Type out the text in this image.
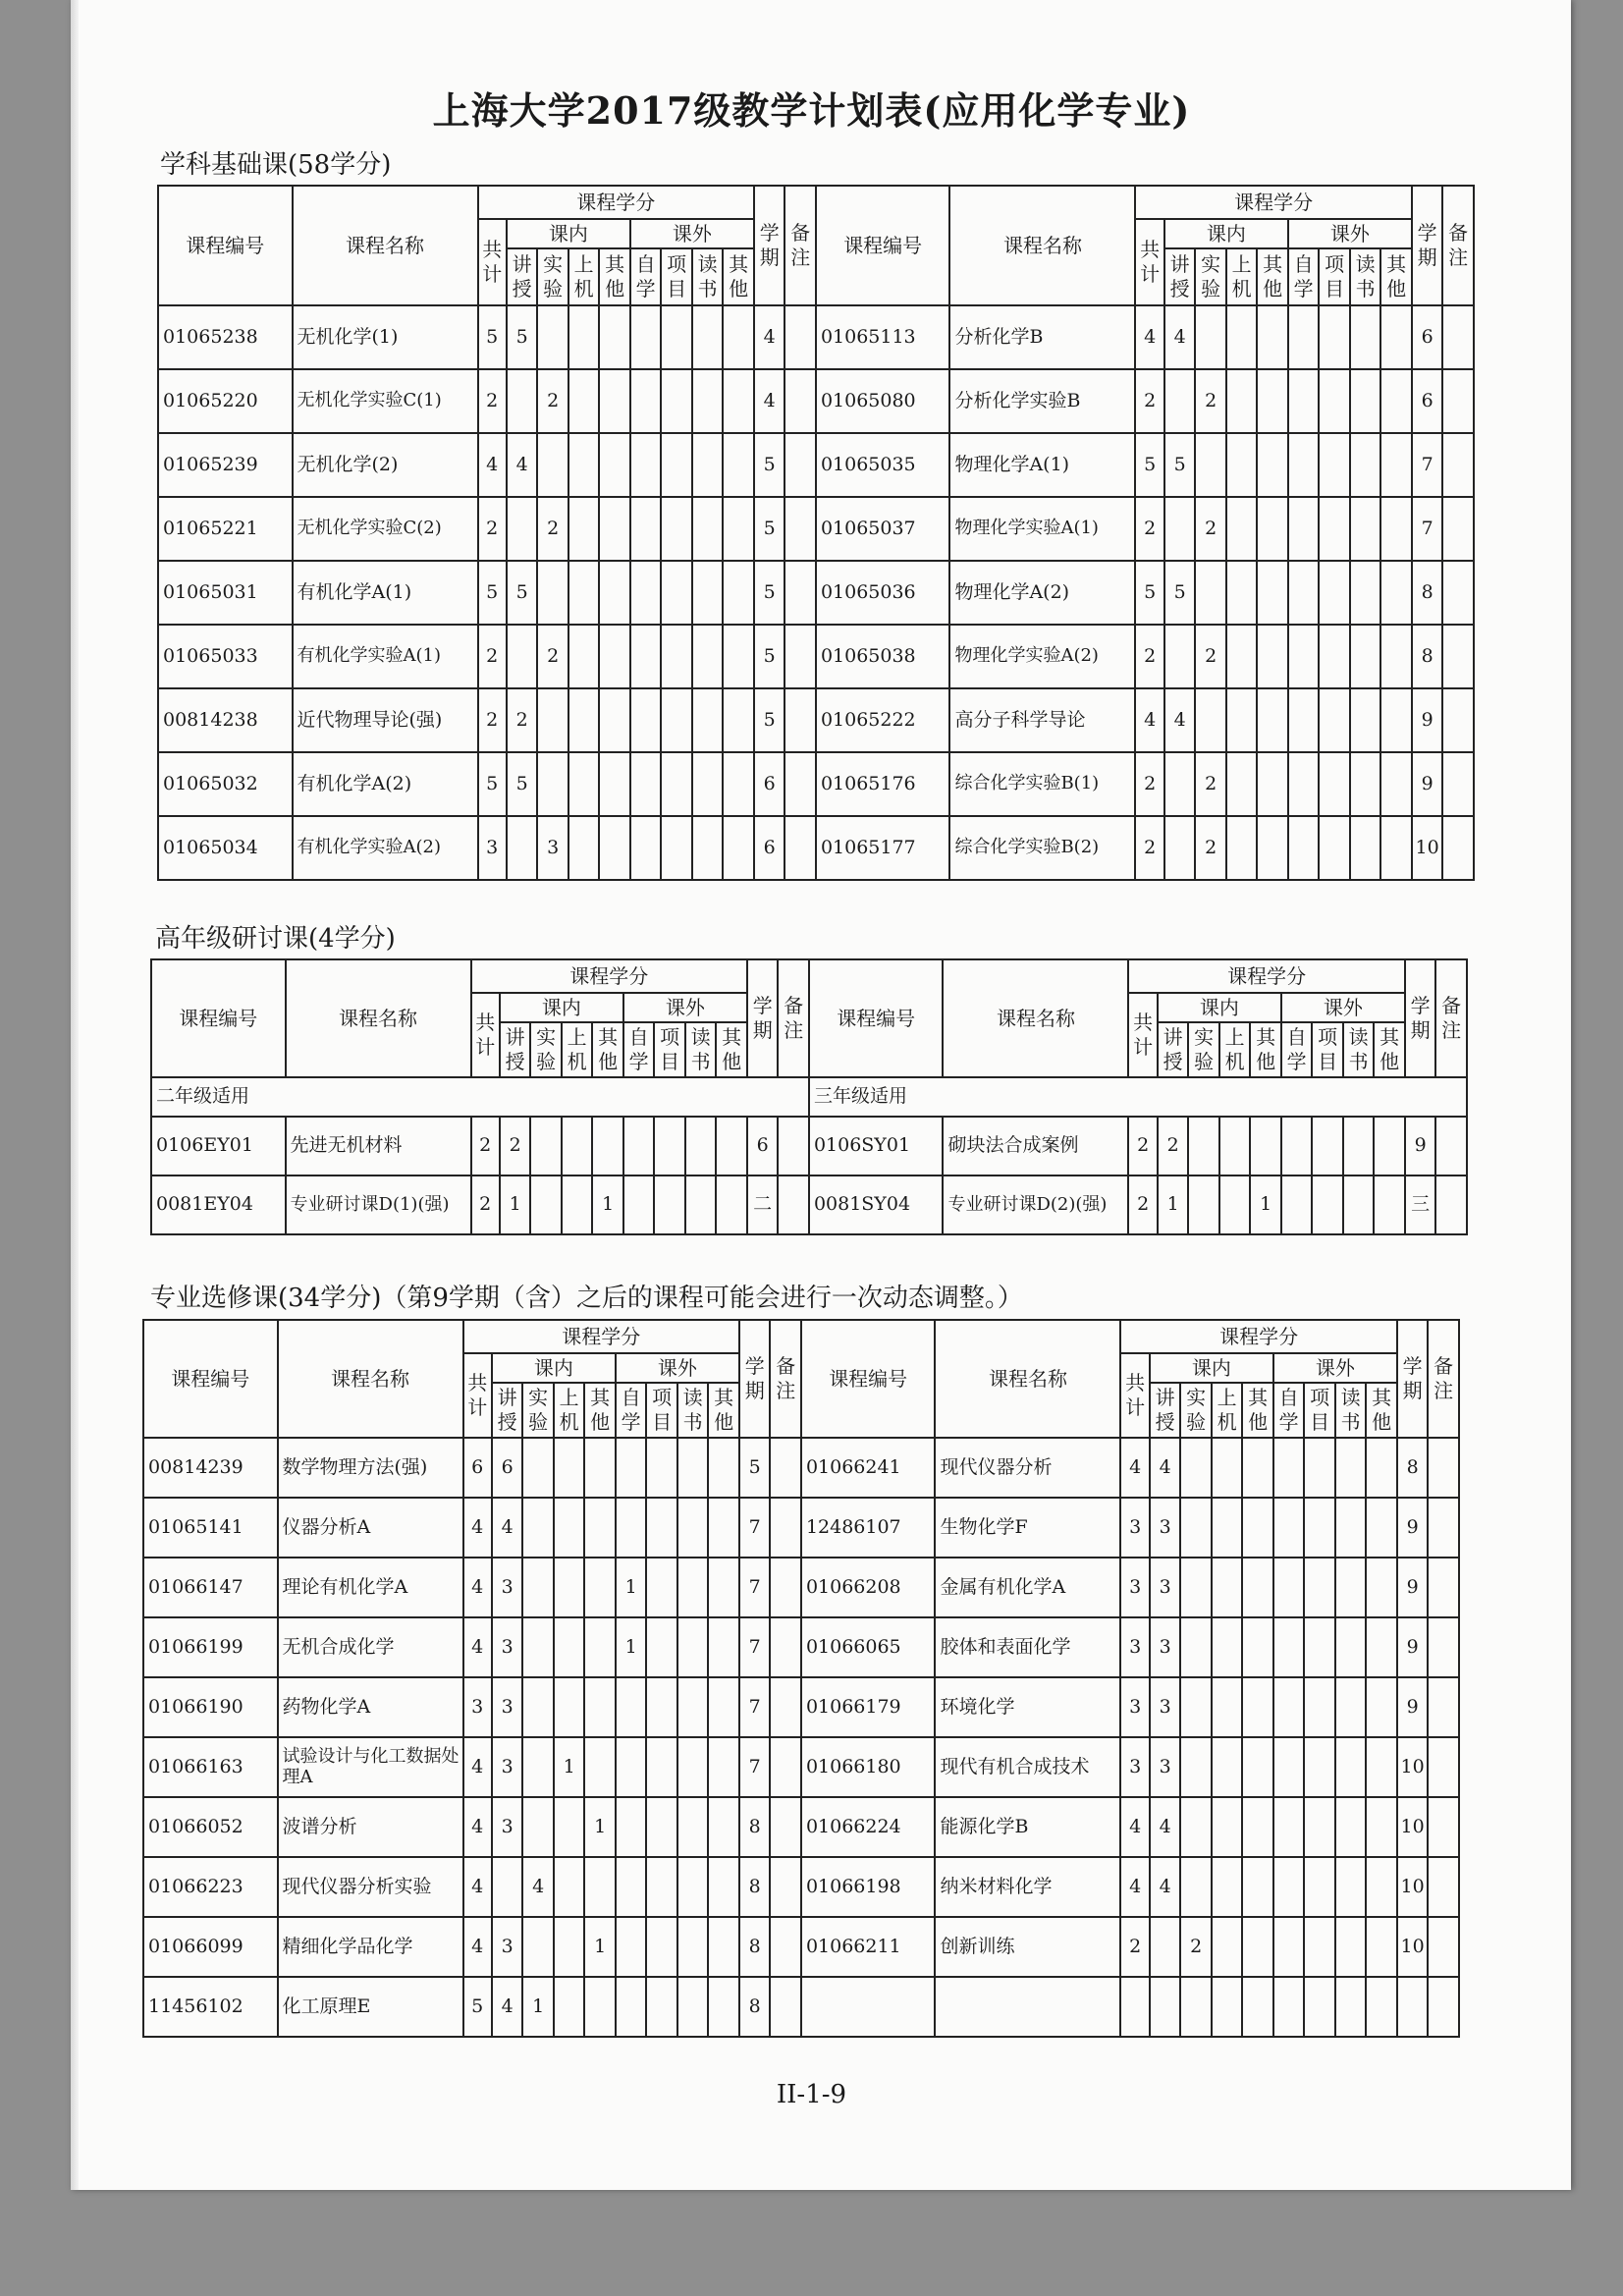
上海大学2017级教学计划表(应用化学专业)
学科基础课(58学分)
课程编号	课程名称	课程学分									学期	备注	课程编号	课程名称	课程学分									学期	备注
		共计	课内				课外								共计	课内				课外					
			讲授	实验	上机	其他	自学	项目	读书	其他						讲授	实验	上机	其他	自学	项目	读书	其他		
01065238	无机化学(1)	5	5								4		01065113	分析化学B	4	4								6	
01065220	无机化学实验C(1)	2		2							4		01065080	分析化学实验B	2		2							6	
01065239	无机化学(2)	4	4								5		01065035	物理化学A(1)	5	5								7	
01065221	无机化学实验C(2)	2		2							5		01065037	物理化学实验A(1)	2		2							7	
01065031	有机化学A(1)	5	5								5		01065036	物理化学A(2)	5	5								8	
01065033	有机化学实验A(1)	2		2							5		01065038	物理化学实验A(2)	2		2							8	
00814238	近代物理导论(强)	2	2								5		01065222	高分子科学导论	4	4								9	
01065032	有机化学A(2)	5	5								6		01065176	综合化学实验B(1)	2		2							9	
01065034	有机化学实验A(2)	3		3							6		01065177	综合化学实验B(2)	2		2							10	
高年级研讨课(4学分)
课程编号	课程名称	课程学分									学期	备注	课程编号	课程名称	课程学分									学期	备注
		共计	课内				课外								共计	课内				课外					
			讲授	实验	上机	其他	自学	项目	读书	其他						讲授	实验	上机	其他	自学	项目	读书	其他		
二年级适用													三年级适用												
0106EY01	先进无机材料	2	2								6		0106SY01	砌块法合成案例	2	2								9	
0081EY04	专业研讨课D(1)(强)	2	1			1					二		0081SY04	专业研讨课D(2)(强)	2	1			1					三	
专业选修课(34学分)（第9学期（含）之后的课程可能会进行一次动态调整。）
课程编号	课程名称	课程学分									学期	备注	课程编号	课程名称	课程学分									学期	备注
		共计	课内				课外								共计	课内				课外					
			讲授	实验	上机	其他	自学	项目	读书	其他						讲授	实验	上机	其他	自学	项目	读书	其他		
00814239	数学物理方法(强)	6	6								5		01066241	现代仪器分析	4	4								8	
01065141	仪器分析A	4	4								7		12486107	生物化学F	3	3								9	
01066147	理论有机化学A	4	3				1				7		01066208	金属有机化学A	3	3								9	
01066199	无机合成化学	4	3				1				7		01066065	胶体和表面化学	3	3								9	
01066190	药物化学A	3	3								7		01066179	环境化学	3	3								9	
01066163	试验设计与化工数据处理A	4	3		1						7		01066180	现代有机合成技术	3	3								10	
01066052	波谱分析	4	3			1					8		01066224	能源化学B	4	4								10	
01066223	现代仪器分析实验	4		4							8		01066198	纳米材料化学	4	4								10	
01066099	精细化学品化学	4	3			1					8		01066211	创新训练	2		2							10	
11456102	化工原理E	5	4	1							8														
II-1-9
